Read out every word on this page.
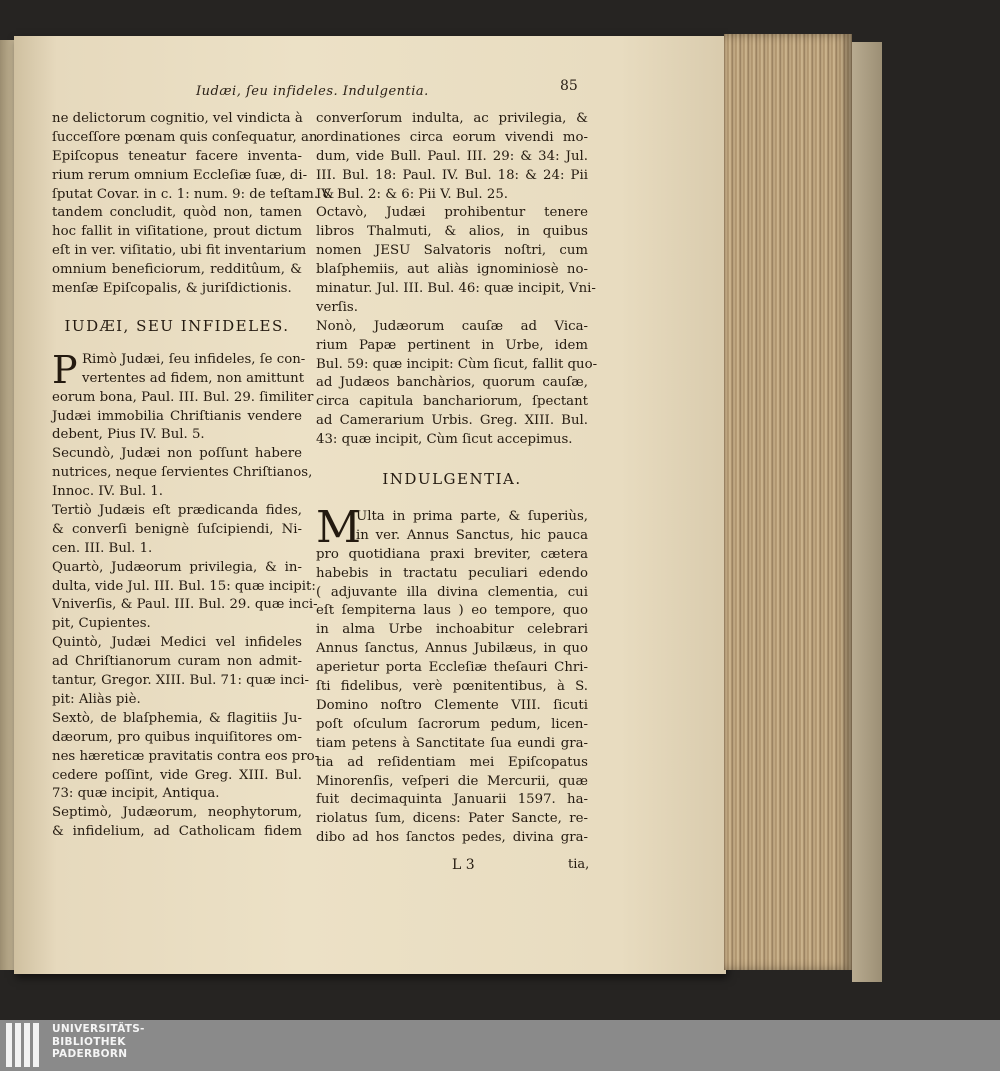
Iudæi, ſeu infideles. Indulgentia.	85
ne delictorum cognitio, vel vindicta à
ſucceſſore pœnam quis conſequatur, an
Epiſcopus teneatur facere inventa-
rium rerum omnium Eccleſiæ ſuæ, di-
ſputat Covar. in c. 1: num. 9: de teſtam. &
tandem concludit, quòd non, tamen
hoc fallit in viſitatione, prout dictum
eſt in ver. viſitatio, ubi fit inventarium
omnium beneficiorum, redditûum, &
menſæ Epiſcopalis, & juriſdictionis.
IUDÆI, SEU INFIDELES.
P Rimò Judæi, ſeu infideles, ſe con-
vertentes ad fidem, non amittunt
eorum bona, Paul. III. Bul. 29. ſimiliter
Judæi immobilia Chriſtianis vendere
debent, Pius IV. Bul. 5.
Secundò, Judæi non poſſunt habere
nutrices, neque ſervientes Chriſtianos,
Innoc. IV. Bul. 1.
Tertiò Judæis eſt prædicanda fides,
& converſi benignè ſuſcipiendi, Ni-
cen. III. Bul. 1.
Quartò, Judæorum privilegia, & in-
dulta, vide Jul. III. Bul. 15: quæ incipit:
Vniverſis, & Paul. III. Bul. 29. quæ inci-
pit, Cupientes.
Quintò, Judæi Medici vel infideles
ad Chriſtianorum curam non admit-
tantur, Gregor. XIII. Bul. 71: quæ inci-
pit: Aliàs piè.
Sextò, de blaſphemia, & flagitiis Ju-
dæorum, pro quibus inquiſitores om-
nes hæreticæ pravitatis contra eos pro-
cedere poſſint, vide Greg. XIII. Bul.
73: quæ incipit, Antiqua.
Septimò, Judæorum, neophytorum,
& infidelium, ad Catholicam fidem
converſorum indulta, ac privilegia, &
ordinationes circa eorum vivendi mo-
dum, vide Bull. Paul. III. 29: & 34: Jul.
III. Bul. 18: Paul. IV. Bul. 18: & 24: Pii
IV. Bul. 2: & 6: Pii V. Bul. 25.
Octavò, Judæi prohibentur tenere
libros Thalmuti, & alios, in quibus
nomen JESU Salvatoris noſtri, cum
blaſphemiis, aut aliàs ignominiosè no-
minatur. Jul. III. Bul. 46: quæ incipit, Vni-
verſis.
Nonò, Judæorum cauſæ ad Vica-
rium Papæ pertinent in Urbe, idem
Bul. 59: quæ incipit: Cùm ſicut, fallit quo-
ad Judæos banchàrios, quorum cauſæ,
circa capitula banchariorum, ſpectant
ad Camerarium Urbis. Greg. XIII. Bul.
43: quæ incipit, Cùm ſicut accepimus.
INDULGENTIA.
M
Ulta in prima parte, & ſuperiùs,
in ver. Annus Sanctus, hic pauca
pro quotidiana praxi breviter, cætera
habebis in tractatu peculiari edendo
( adjuvante illa divina clementia, cui
eſt ſempiterna laus ) eo tempore, quo
in alma Urbe inchoabitur celebrari
Annus ſanctus, Annus Jubilæus, in quo
aperietur porta Eccleſiæ theſauri Chri-
ſti fidelibus, verè pœnitentibus, à S.
Domino noſtro Clemente VIII. ſicuti
poſt oſculum ſacrorum pedum, licen-
tiam petens à Sanctitate ſua eundi gra-
tia ad reſidentiam mei Epiſcopatus
Minorenſis, veſperi die Mercurii, quæ
fuit decimaquinta Januarii 1597. ha-
riolatus ſum, dicens: Pater Sancte, re-
dibo ad hos ſanctos pedes, divina gra-
L 3	tia,
UNIVERSITÄTS-
BIBLIOTHEK
PADERBORN
